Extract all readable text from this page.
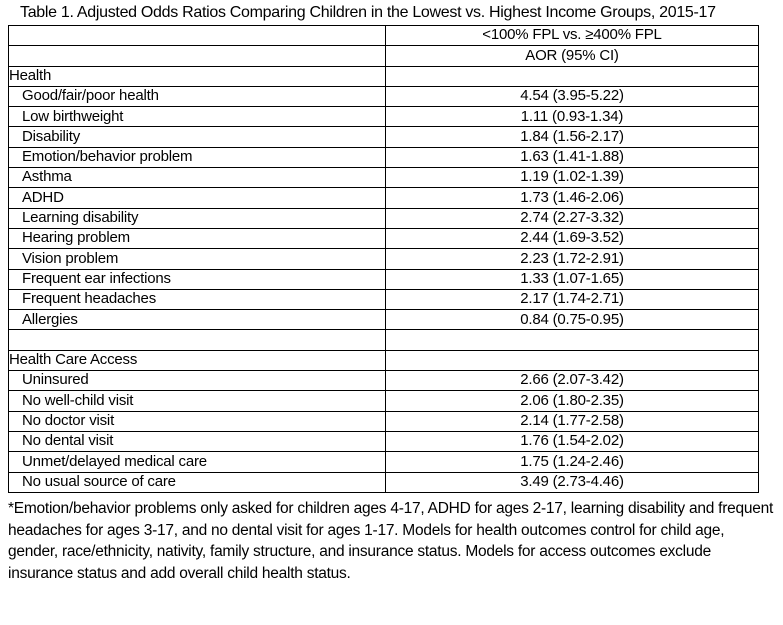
Table 1. Adjusted Odds Ratios Comparing Children in the Lowest vs. Highest Income Groups, 2015-17
	<100% FPL vs. ≥400% FPL
	AOR (95% CI)
Health	
Good/fair/poor health	4.54 (3.95-5.22)
Low birthweight	1.11 (0.93-1.34)
Disability	1.84 (1.56-2.17)
Emotion/behavior problem	1.63 (1.41-1.88)
Asthma	1.19 (1.02-1.39)
ADHD	1.73 (1.46-2.06)
Learning disability	2.74 (2.27-3.32)
Hearing problem	2.44 (1.69-3.52)
Vision problem	2.23 (1.72-2.91)
Frequent ear infections	1.33 (1.07-1.65)
Frequent headaches	2.17 (1.74-2.71)
Allergies	0.84 (0.75-0.95)

Health Care Access	
Uninsured	2.66 (2.07-3.42)
No well-child visit	2.06 (1.80-2.35)
No doctor visit	2.14 (1.77-2.58)
No dental visit	1.76 (1.54-2.02)
Unmet/delayed medical care	1.75 (1.24-2.46)
No usual source of care	3.49 (2.73-4.46)
*Emotion/behavior problems only asked for children ages 4-17, ADHD for ages 2-17, learning disability and frequent headaches for ages 3-17, and no dental visit for ages 1-17. Models for health outcomes control for child age, gender, race/ethnicity, nativity, family structure, and insurance status. Models for access outcomes exclude insurance status and add overall child health status.
